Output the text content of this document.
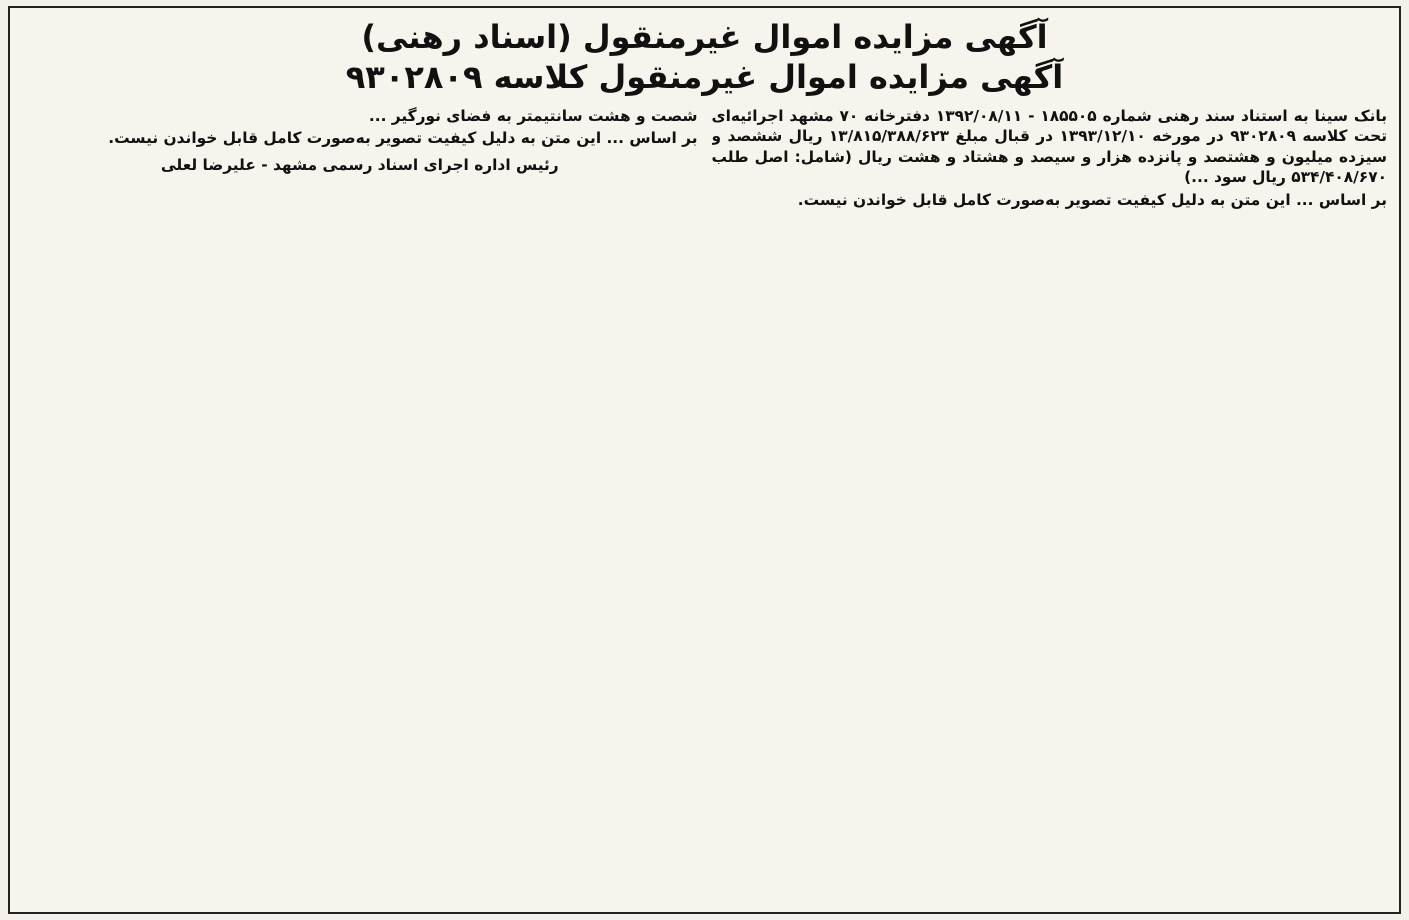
آگهی مزایده اموال غیرمنقول (اسناد رهنی)
آگهی مزایده اموال غیرمنقول کلاسه ۹۳۰۲۸۰۹

بانک سینا به استناد سند رهنی شماره ۱۸۵۵۰۵ - ۱۳۹۲/۰۸/۱۱ دفترخانه ۷۰ مشهد اجرائیه‌ای تحت کلاسه ۹۳۰۲۸۰۹ در مورخه ۱۳۹۳/۱۲/۱۰ در قبال مبلغ ۱۳/۸۱۵/۳۸۸/۶۲۳ ریال ششصد و سیزده میلیون و هشتصد و پانزده هزار و سیصد و هشتاد و هشت ریال (شامل: اصل طلب ۵۳۴/۴۰۸/۶۷۰ ریال سود ...)

بر اساس ... این متن به دلیل کیفیت تصویر به‌صورت کامل قابل خواندن نیست.

شصت و هشت سانتیمتر به فضای نورگیر ...

بر اساس ... این متن به دلیل کیفیت تصویر به‌صورت کامل قابل خواندن نیست.

رئیس اداره اجرای اسناد رسمی مشهد - علیرضا لعلی
